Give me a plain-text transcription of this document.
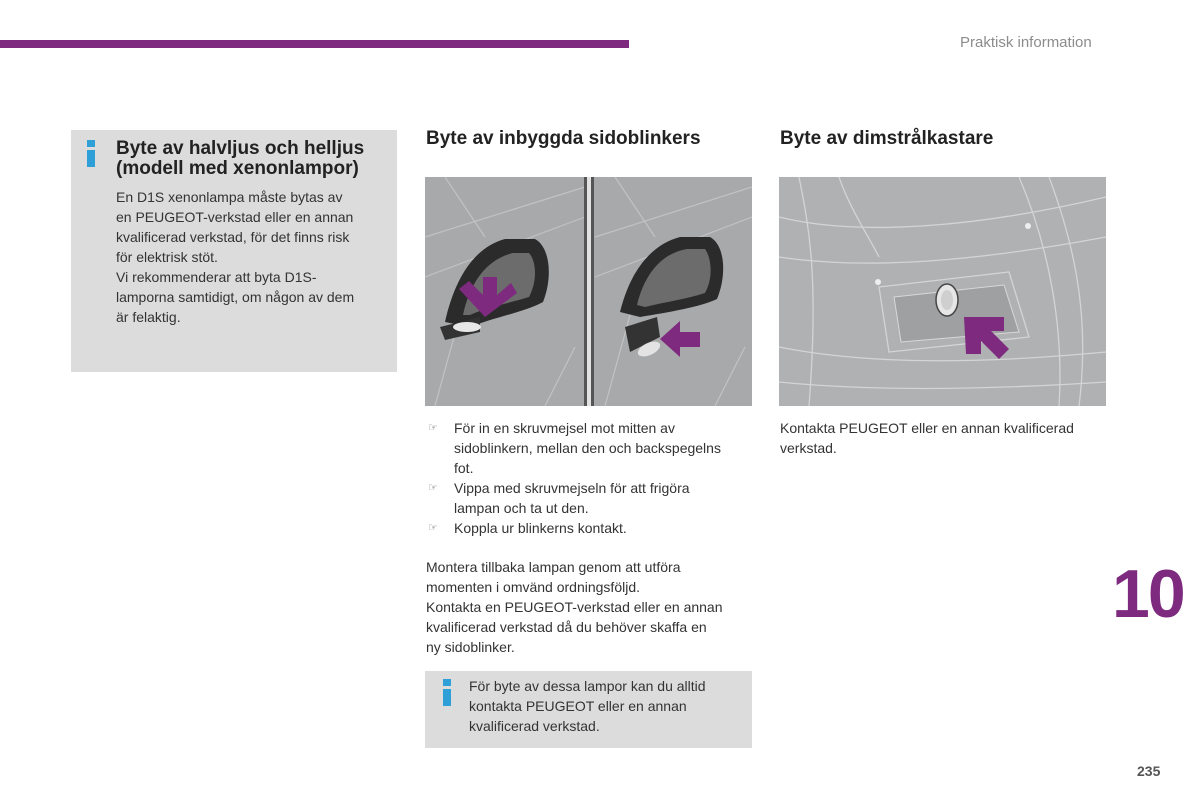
Praktisk information
Byte av halvljus och helljus (modell med xenonlampor)
En D1S xenonlampa måste bytas av
en PEUGEOT-verkstad eller en annan
kvalificerad verkstad, för det finns risk
för elektrisk stöt.
Vi rekommenderar att byta D1S-
lamporna samtidigt, om någon av dem
är felaktig.
Byte av inbyggda sidoblinkers
☞ För in en skruvmejsel mot mitten av
sidoblinkern, mellan den och backspegelns
fot.
☞ Vippa med skruvmejseln för att frigöra
lampan och ta ut den.
☞ Koppla ur blinkerns kontakt.
Montera tillbaka lampan genom att utföra
momenten i omvänd ordningsföljd.
Kontakta en PEUGEOT-verkstad eller en annan
kvalificerad verkstad då du behöver skaffa en
ny sidoblinker.
För byte av dessa lampor kan du alltid
kontakta PEUGEOT eller en annan
kvalificerad verkstad.
Byte av dimstrålkastare
Kontakta PEUGEOT eller en annan kvalificerad
verkstad.
10
235
